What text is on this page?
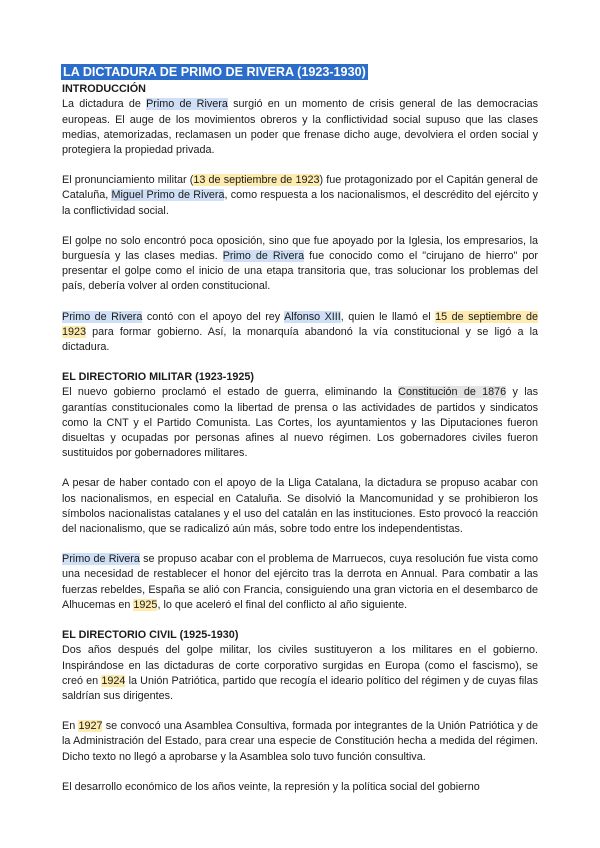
LA DICTADURA DE PRIMO DE RIVERA (1923-1930)
INTRODUCCIÓN

La dictadura de Primo de Rivera surgió en un momento de crisis general de las democracias europeas. El auge de los movimientos obreros y la conflictividad social supuso que las clases medias, atemorizadas, reclamasen un poder que frenase dicho auge, devolviera el orden social y protegiera la propiedad privada.

El pronunciamiento militar (13 de septiembre de 1923) fue protagonizado por el Capitán general de Cataluña, Miguel Primo de Rivera, como respuesta a los nacionalismos, el descrédito del ejército y la conflictividad social.

El golpe no solo encontró poca oposición, sino que fue apoyado por la Iglesia, los empresarios, la burguesía y las clases medias. Primo de Rivera fue conocido como el "cirujano de hierro" por presentar el golpe como el inicio de una etapa transitoria que, tras solucionar los problemas del país, debería volver al orden constitucional.

Primo de Rivera contó con el apoyo del rey Alfonso XIII, quien le llamó el 15 de septiembre de 1923 para formar gobierno. Así, la monarquía abandonó la vía constitucional y se ligó a la dictadura.

EL DIRECTORIO MILITAR (1923-1925)

El nuevo gobierno proclamó el estado de guerra, eliminando la Constitución de 1876 y las garantías constitucionales como la libertad de prensa o las actividades de partidos y sindicatos como la CNT y el Partido Comunista. Las Cortes, los ayuntamientos y las Diputaciones fueron disueltas y ocupadas por personas afines al nuevo régimen. Los gobernadores civiles fueron sustituidos por gobernadores militares.

A pesar de haber contado con el apoyo de la Lliga Catalana, la dictadura se propuso acabar con los nacionalismos, en especial en Cataluña. Se disolvió la Mancomunidad y se prohibieron los símbolos nacionalistas catalanes y el uso del catalán en las instituciones. Esto provocó la reacción del nacionalismo, que se radicalizó aún más, sobre todo entre los independentistas.

Primo de Rivera se propuso acabar con el problema de Marruecos, cuya resolución fue vista como una necesidad de restablecer el honor del ejército tras la derrota en Annual. Para combatir a las fuerzas rebeldes, España se alió con Francia, consiguiendo una gran victoria en el desembarco de Alhucemas en 1925, lo que aceleró el final del conflicto al año siguiente.

EL DIRECTORIO CIVIL (1925-1930)

Dos años después del golpe militar, los civiles sustituyeron a los militares en el gobierno. Inspirándose en las dictaduras de corte corporativo surgidas en Europa (como el fascismo), se creó en 1924 la Unión Patriótica, partido que recogía el ideario político del régimen y de cuyas filas saldrían sus dirigentes.

En 1927 se convocó una Asamblea Consultiva, formada por integrantes de la Unión Patriótica y de la Administración del Estado, para crear una especie de Constitución hecha a medida del régimen. Dicho texto no llegó a aprobarse y la Asamblea solo tuvo función consultiva.

El desarrollo económico de los años veinte, la represión y la política social del gobierno
